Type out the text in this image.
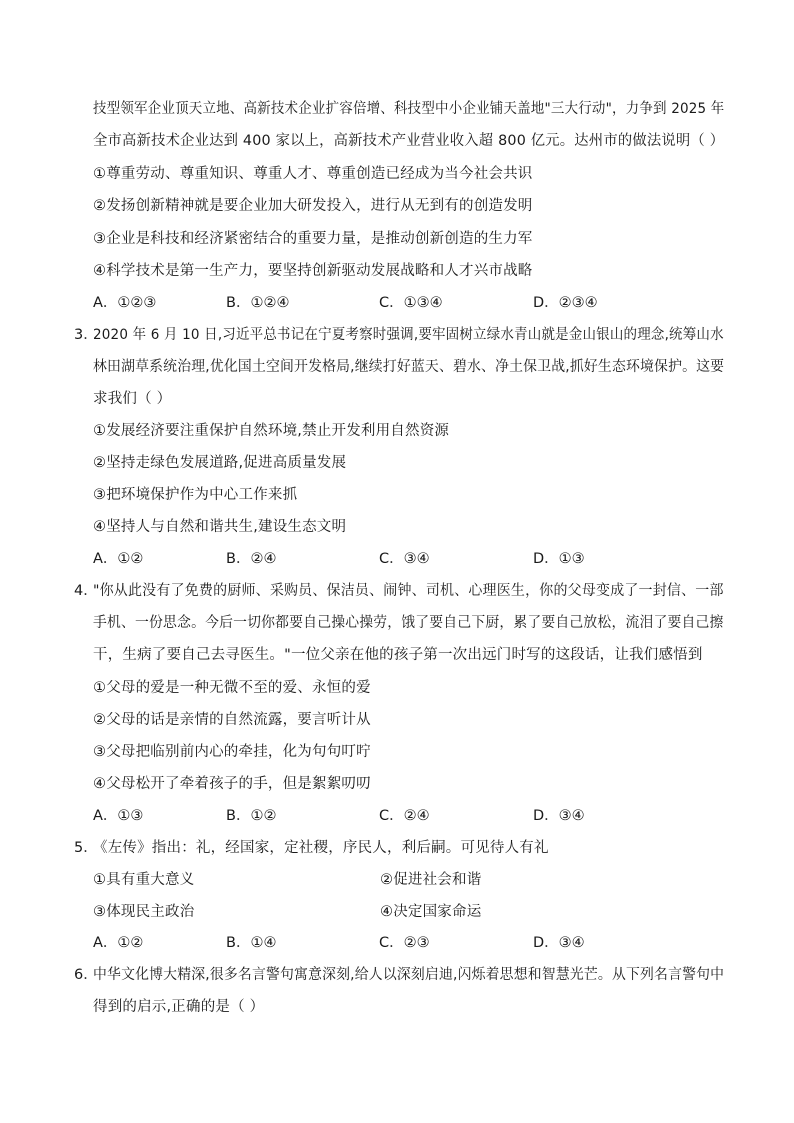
技型领军企业顶天立地、高新技术企业扩容倍增、科技型中小企业铺天盖地"三大行动"，力争到 2025 年
全市高新技术企业达到 400 家以上，高新技术产业营业收入超 800 亿元。达州市的做法说明（ ）
①尊重劳动、尊重知识、尊重人才、尊重创造已经成为当今社会共识
②发扬创新精神就是要企业加大研发投入，进行从无到有的创造发明
③企业是科技和经济紧密结合的重要力量，是推动创新创造的生力军
④科学技术是第一生产力，要坚持创新驱动发展战略和人才兴市战略
A．①②③	B．①②④	C．①③④	D．②③④
3．
2020 年 6 月 10 日,习近平总书记在宁夏考察时强调,要牢固树立绿水青山就是金山银山的理念,统筹山水
林田湖草系统治理,优化国土空间开发格局,继续打好蓝天、碧水、净土保卫战,抓好生态环境保护。这要
求我们（ ）
①发展经济要注重保护自然环境,禁止开发利用自然资源
②坚持走绿色发展道路,促进高质量发展
③把环境保护作为中心工作来抓
④坚持人与自然和谐共生,建设生态文明
A．①②	B．②④	C．③④	D．①③
4．
"你从此没有了免费的厨师、采购员、保洁员、闹钟、司机、心理医生，你的父母变成了一封信、一部
手机、一份思念。今后一切你都要自己操心操劳，饿了要自己下厨，累了要自己放松，流泪了要自己擦
干，生病了要自己去寻医生。"一位父亲在他的孩子第一次出远门时写的这段话，让我们感悟到
①父母的爱是一种无微不至的爱、永恒的爱
②父母的话是亲情的自然流露，要言听计从
③父母把临别前内心的牵挂，化为句句叮咛
④父母松开了牵着孩子的手，但是絮絮叨叨
A．①③	B．①②	C．②④	D．③④
5．
《左传》指出：礼，经国家，定社稷，序民人，利后嗣。可见待人有礼
①具有重大意义	②促进社会和谐
③体现民主政治	④决定国家命运
A．①②	B．①④	C．②③	D．③④
6．
中华文化博大精深,很多名言警句寓意深刻,给人以深刻启迪,闪烁着思想和智慧光芒。从下列名言警句中
得到的启示,正确的是（ ）
